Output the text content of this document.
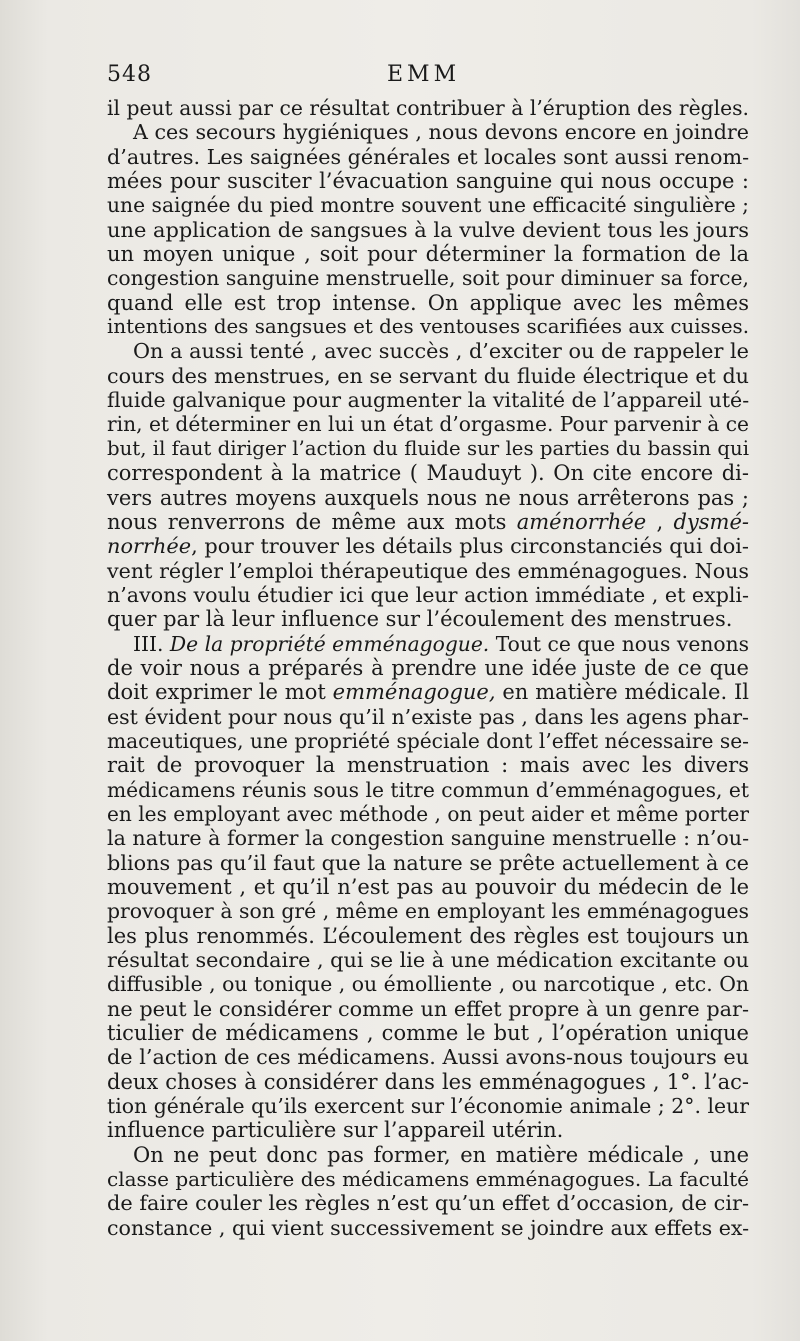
548	EMM
il peut aussi par ce résultat contribuer à l’éruption des règles.
A ces secours hygiéniques , nous devons encore en joindre
d’autres. Les saignées générales et locales sont aussi renom-
mées pour susciter l’évacuation sanguine qui nous occupe :
une saignée du pied montre souvent une efficacité singulière ;
une application de sangsues à la vulve devient tous les jours
un moyen unique , soit pour déterminer la formation de la
congestion sanguine menstruelle, soit pour diminuer sa force,
quand elle est trop intense. On applique avec les mêmes
intentions des sangsues et des ventouses scarifiées aux cuisses.
On a aussi tenté , avec succès , d’exciter ou de rappeler le
cours des menstrues, en se servant du fluide électrique et du
fluide galvanique pour augmenter la vitalité de l’appareil uté-
rin, et déterminer en lui un état d’orgasme. Pour parvenir à ce
but, il faut diriger l’action du fluide sur les parties du bassin qui
correspondent à la matrice ( Mauduyt ). On cite encore di-
vers autres moyens auxquels nous ne nous arrêterons pas ;
nous renverrons de même aux mots aménorrhée , dysmé-
norrhée, pour trouver les détails plus circonstanciés qui doi-
vent régler l’emploi thérapeutique des emménagogues. Nous
n’avons voulu étudier ici que leur action immédiate , et expli-
quer par là leur influence sur l’écoulement des menstrues.
III. De la propriété emménagogue. Tout ce que nous venons
de voir nous a préparés à prendre une idée juste de ce que
doit exprimer le mot emménagogue, en matière médicale. Il
est évident pour nous qu’il n’existe pas , dans les agens phar-
maceutiques, une propriété spéciale dont l’effet nécessaire se-
rait de provoquer la menstruation : mais avec les divers
médicamens réunis sous le titre commun d’emménagogues, et
en les employant avec méthode , on peut aider et même porter
la nature à former la congestion sanguine menstruelle : n’ou-
blions pas qu’il faut que la nature se prête actuellement à ce
mouvement , et qu’il n’est pas au pouvoir du médecin de le
provoquer à son gré , même en employant les emménagogues
les plus renommés. L’écoulement des règles est toujours un
résultat secondaire , qui se lie à une médication excitante ou
diffusible , ou tonique , ou émolliente , ou narcotique , etc. On
ne peut le considérer comme un effet propre à un genre par-
ticulier de médicamens , comme le but , l’opération unique
de l’action de ces médicamens. Aussi avons-nous toujours eu
deux choses à considérer dans les emménagogues , 1°. l’ac-
tion générale qu’ils exercent sur l’économie animale ; 2°. leur
influence particulière sur l’appareil utérin.
On ne peut donc pas former, en matière médicale , une
classe particulière des médicamens emménagogues. La faculté
de faire couler les règles n’est qu’un effet d’occasion, de cir-
constance , qui vient successivement se joindre aux effets ex-
